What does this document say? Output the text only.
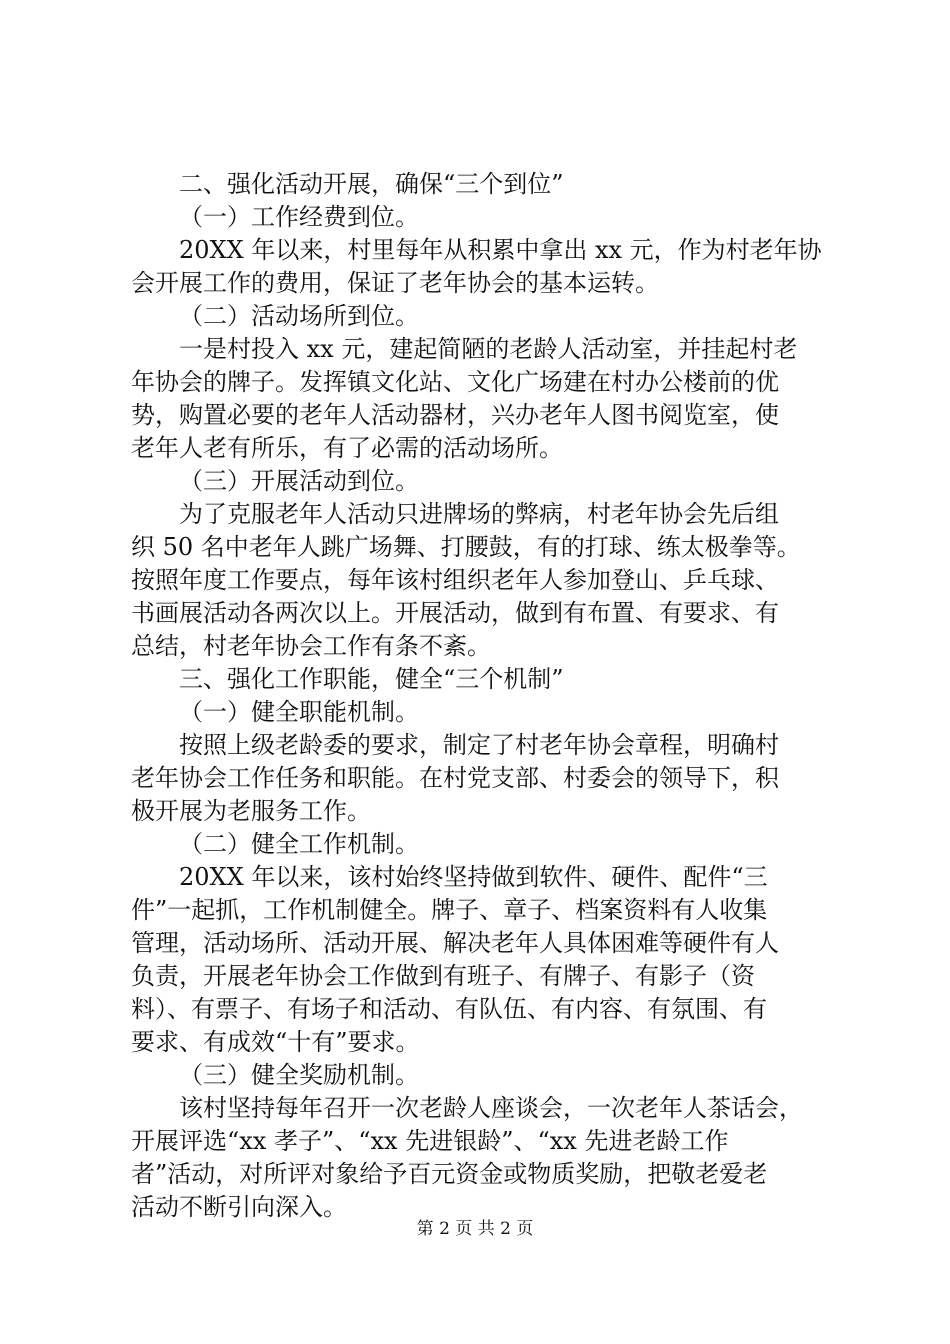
二、强化活动开展，确保“三个到位”
（一）工作经费到位。
20XX 年以来，村里每年从积累中拿出 xx 元，作为村老年协
会开展工作的费用，保证了老年协会的基本运转。
（二）活动场所到位。
一是村投入 xx 元，建起简陋的老龄人活动室，并挂起村老
年协会的牌子。发挥镇文化站、文化广场建在村办公楼前的优
势，购置必要的老年人活动器材，兴办老年人图书阅览室，使
老年人老有所乐，有了必需的活动场所。
（三）开展活动到位。
为了克服老年人活动只进牌场的弊病，村老年协会先后组
织 50 名中老年人跳广场舞、打腰鼓，有的打球、练太极拳等。
按照年度工作要点，每年该村组织老年人参加登山、乒乓球、
书画展活动各两次以上。开展活动，做到有布置、有要求、有
总结，村老年协会工作有条不紊。
三、强化工作职能，健全“三个机制”
（一）健全职能机制。
按照上级老龄委的要求，制定了村老年协会章程，明确村
老年协会工作任务和职能。在村党支部、村委会的领导下，积
极开展为老服务工作。
（二）健全工作机制。
20XX 年以来，该村始终坚持做到软件、硬件、配件“三
件”一起抓，工作机制健全。牌子、章子、档案资料有人收集
管理，活动场所、活动开展、解决老年人具体困难等硬件有人
负责，开展老年协会工作做到有班子、有牌子、有影子（资
料）、有票子、有场子和活动、有队伍、有内容、有氛围、有
要求、有成效“十有”要求。
（三）健全奖励机制。
该村坚持每年召开一次老龄人座谈会，一次老年人茶话会，
开展评选“xx 孝子”、“xx 先进银龄”、“xx 先进老龄工作
者”活动，对所评对象给予百元资金或物质奖励，把敬老爱老
活动不断引向深入。
第 2 页 共 2 页
